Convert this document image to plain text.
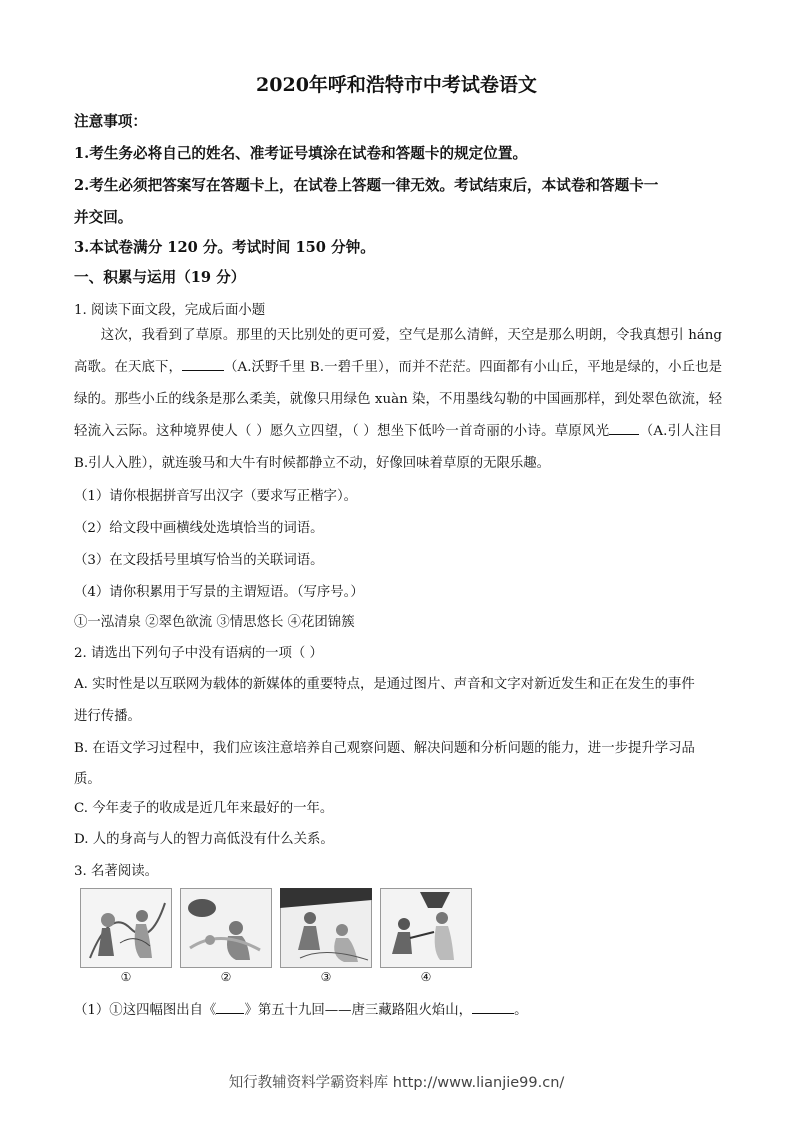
2020年呼和浩特市中考试卷语文
注意事项：
1.考生务必将自己的姓名、准考证号填涂在试卷和答题卡的规定位置。
2.考生必须把答案写在答题卡上，在试卷上答题一律无效。考试结束后，本试卷和答题卡一
并交回。
3.本试卷满分 120 分。考试时间 150 分钟。
一、积累与运用（19 分）
1. 阅读下面文段，完成后面小题
这次，我看到了草原。那里的天比别处的更可爱，空气是那么清鲜，天空是那么明朗，令我真想引 háng 高歌。在天底下，	（A.沃野千里 B.一碧千里），而并不茫茫。四面都有小山丘，平地是绿的，小丘也是绿的。那些小丘的线条是那么柔美，就像只用绿色 xuàn 染，不用墨线勾勒的中国画那样，到处翠色欲流，轻轻流入云际。这种境界使人（ ）愿久立四望，（ ）想坐下低吟一首奇丽的小诗。草原风光 （A.引人注目 B.引人入胜），就连骏马和大牛有时候都静立不动，好像回味着草原的无限乐趣。
（1）请你根据拼音写出汉字（要求写正楷字）。
（2）给文段中画横线处选填恰当的词语。
（3）在文段括号里填写恰当的关联词语。
（4）请你积累用于写景的主谓短语。（写序号。）
①一泓清泉 ②翠色欲流 ③情思悠长 ④花团锦簇
2. 请选出下列句子中没有语病的一项（ ）
A. 实时性是以互联网为载体的新媒体的重要特点，是通过图片、声音和文字对新近发生和正在发生的事件
进行传播。
B. 在语文学习过程中，我们应该注意培养自己观察问题、解决问题和分析问题的能力，进一步提升学习品
质。
C. 今年麦子的收成是近几年来最好的一年。
D. 人的身高与人的智力高低没有什么关系。
3. 名著阅读。
①	②	③	④
（1）①这四幅图出自《 》第五十九回——唐三藏路阻火焰山，	。
知行教辅资料学霸资料库 http://www.lianjie99.cn/
